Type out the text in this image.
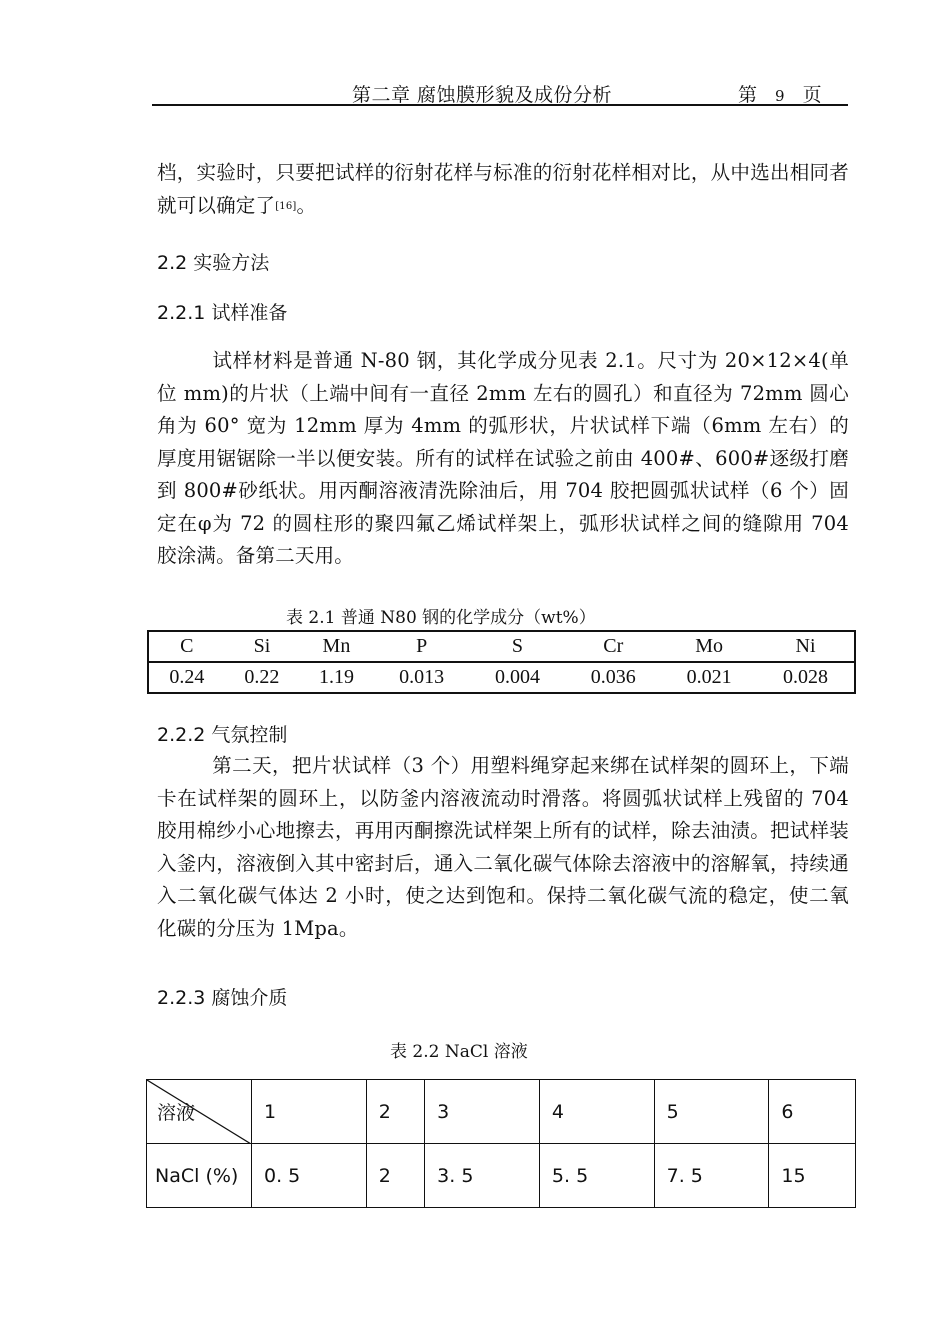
第二章 腐蚀膜形貌及成份分析	第 9 页
档，实验时，只要把试样的衍射花样与标准的衍射花样相对比，从中选出相同者就可以确定了[16]。
2.2 实验方法
2.2.1 试样准备
试样材料是普通 N-80 钢，其化学成分见表 2.1。尺寸为 20×12×4(单位 mm)的片状（上端中间有一直径 2mm 左右的圆孔）和直径为 72mm 圆心角为 60° 宽为 12mm 厚为 4mm 的弧形状，片状试样下端（6mm 左右）的厚度用锯锯除一半以便安装。所有的试样在试验之前由 400#、600#逐级打磨到 800#砂纸状。用丙酮溶液清洗除油后，用 704 胶把圆弧状试样（6 个）固定在φ为 72 的圆柱形的聚四氟乙烯试样架上，弧形状试样之间的缝隙用 704 胶涂满。备第二天用。
表 2.1 普通 N80 钢的化学成分（wt%）
C	Si	Mn	P	S	Cr	Mo	Ni
0.24	0.22	1.19	0.013	0.004	0.036	0.021	0.028
2.2.2 气氛控制
第二天，把片状试样（3 个）用塑料绳穿起来绑在试样架的圆环上，下端卡在试样架的圆环上，以防釜内溶液流动时滑落。将圆弧状试样上残留的 704 胶用棉纱小心地擦去，再用丙酮擦洗试样架上所有的试样，除去油渍。把试样装入釜内，溶液倒入其中密封后，通入二氧化碳气体除去溶液中的溶解氧，持续通入二氧化碳气体达 2 小时，使之达到饱和。保持二氧化碳气流的稳定，使二氧化碳的分压为 1Mpa。
2.2.3 腐蚀介质
表 2.2 NaCl 溶液
溶液	1	2	3	4	5	6
NaCl (%)	0. 5	2	3. 5	5. 5	7. 5	15
